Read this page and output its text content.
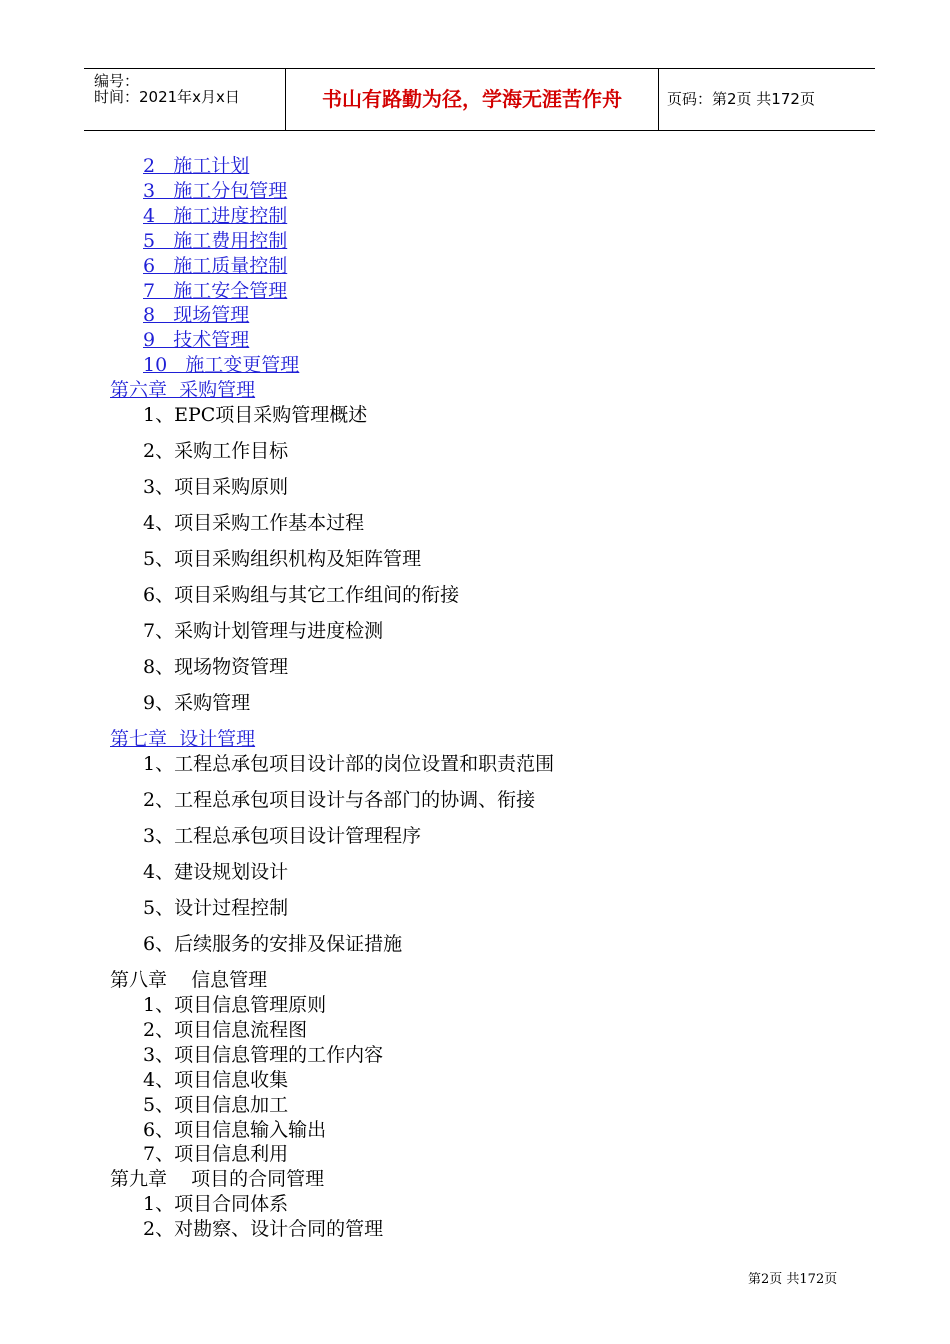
编号：
时间：2021年x月x日	书山有路勤为径，学海无涯苦作舟	页码：第2页 共172页
2   施工计划
3   施工分包管理
4   施工进度控制
5   施工费用控制
6   施工质量控制
7   施工安全管理
8   现场管理
9   技术管理
10   施工变更管理
第六章  采购管理
1、EPC项目采购管理概述
2、采购工作目标
3、项目采购原则
4、项目采购工作基本过程
5、项目采购组织机构及矩阵管理
6、项目采购组与其它工作组间的衔接
7、采购计划管理与进度检测
8、现场物资管理
9、采购管理
第七章  设计管理
1、工程总承包项目设计部的岗位设置和职责范围
2、工程总承包项目设计与各部门的协调、衔接
3、工程总承包项目设计管理程序
4、建设规划设计
5、设计过程控制
6、后续服务的安排及保证措施
第八章    信息管理
1、项目信息管理原则
2、项目信息流程图
3、项目信息管理的工作内容
4、项目信息收集
5、项目信息加工
6、项目信息输入输出
7、项目信息利用
第九章    项目的合同管理
1、项目合同体系
2、对勘察、设计合同的管理
第2页 共172页
